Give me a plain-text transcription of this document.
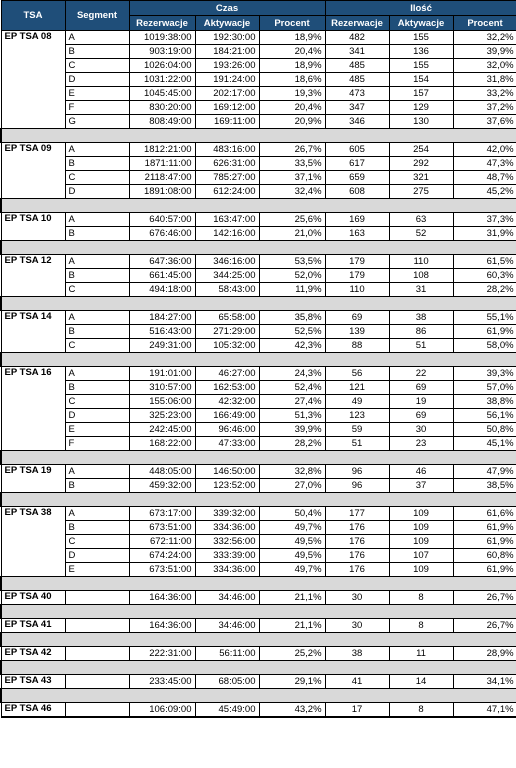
TSA	Segment	Czas			Ilość		
		Rezerwacje	Aktywacje	Procent	Rezerwacje	Aktywacje	Procent
EP TSA 08	A	1019:38:00	192:30:00	18,9%	482	155	32,2%
	B	903:19:00	184:21:00	20,4%	341	136	39,9%
	C	1026:04:00	193:26:00	18,9%	485	155	32,0%
	D	1031:22:00	191:24:00	18,6%	485	154	31,8%
	E	1045:45:00	202:17:00	19,3%	473	157	33,2%
	F	830:20:00	169:12:00	20,4%	347	129	37,2%
	G	808:49:00	169:11:00	20,9%	346	130	37,6%

EP TSA 09	A	1812:21:00	483:16:00	26,7%	605	254	42,0%
	B	1871:11:00	626:31:00	33,5%	617	292	47,3%
	C	2118:47:00	785:27:00	37,1%	659	321	48,7%
	D	1891:08:00	612:24:00	32,4%	608	275	45,2%

EP TSA 10	A	640:57:00	163:47:00	25,6%	169	63	37,3%
	B	676:46:00	142:16:00	21,0%	163	52	31,9%

EP TSA 12	A	647:36:00	346:16:00	53,5%	179	110	61,5%
	B	661:45:00	344:25:00	52,0%	179	108	60,3%
	C	494:18:00	58:43:00	11,9%	110	31	28,2%

EP TSA 14	A	184:27:00	65:58:00	35,8%	69	38	55,1%
	B	516:43:00	271:29:00	52,5%	139	86	61,9%
	C	249:31:00	105:32:00	42,3%	88	51	58,0%

EP TSA 16	A	191:01:00	46:27:00	24,3%	56	22	39,3%
	B	310:57:00	162:53:00	52,4%	121	69	57,0%
	C	155:06:00	42:32:00	27,4%	49	19	38,8%
	D	325:23:00	166:49:00	51,3%	123	69	56,1%
	E	242:45:00	96:46:00	39,9%	59	30	50,8%
	F	168:22:00	47:33:00	28,2%	51	23	45,1%

EP TSA 19	A	448:05:00	146:50:00	32,8%	96	46	47,9%
	B	459:32:00	123:52:00	27,0%	96	37	38,5%

EP TSA 38	A	673:17:00	339:32:00	50,4%	177	109	61,6%
	B	673:51:00	334:36:00	49,7%	176	109	61,9%
	C	672:11:00	332:56:00	49,5%	176	109	61,9%
	D	674:24:00	333:39:00	49,5%	176	107	60,8%
	E	673:51:00	334:36:00	49,7%	176	109	61,9%

EP TSA 40		164:36:00	34:46:00	21,1%	30	8	26,7%

EP TSA 41		164:36:00	34:46:00	21,1%	30	8	26,7%

EP TSA 42		222:31:00	56:11:00	25,2%	38	11	28,9%

EP TSA 43		233:45:00	68:05:00	29,1%	41	14	34,1%

EP TSA 46		106:09:00	45:49:00	43,2%	17	8	47,1%
